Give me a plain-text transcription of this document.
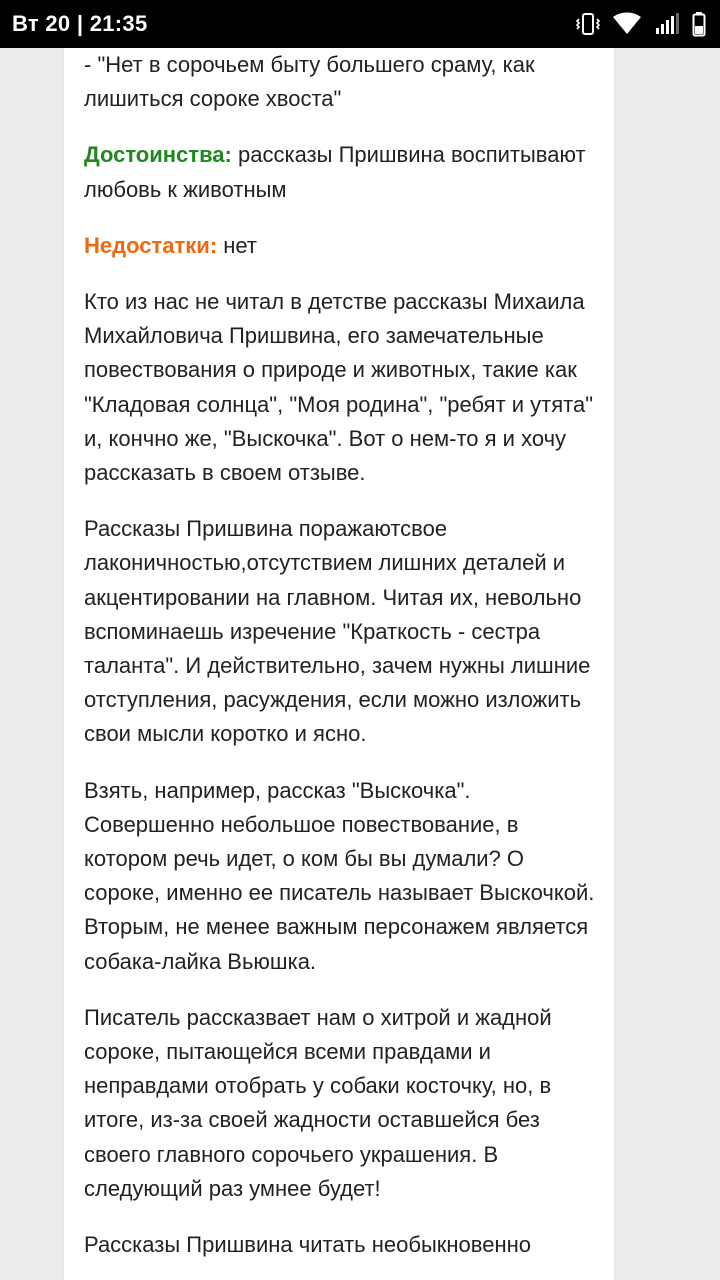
Вт 20 | 21:35

- "Нет в сорочьем быту большего сраму, как лишиться сороке хвоста"

Достоинства: рассказы Пришвина воспитывают любовь к животным

Недостатки: нет

Кто из нас не читал в детстве рассказы Михаила Михайловича Пришвина, его замечательные повествования о природе и животных, такие как "Кладовая солнца", "Моя родина", "ребят и утята" и, кончно же, "Выскочка". Вот о нем-то я и хочу рассказать в своем отзыве.

Рассказы Пришвина поражаютсвое лаконичностью,отсутствием лишних деталей и акцентировании на главном. Читая их, невольно вспоминаешь изречение "Краткость - сестра таланта". И действительно, зачем нужны лишние отступления, расуждения, если можно изложить свои мысли коротко и ясно.

Взять, например, рассказ "Выскочка". Совершенно небольшое повествование, в котором речь идет, о ком бы вы думали? О сороке, именно ее писатель называет Выскочкой. Вторым, не менее важным персонажем является собака-лайка Вьюшка.

Писатель рассказвает нам о хитрой и жадной сороке, пытающейся всеми правдами и неправдами отобрать у собаки косточку, но, в итоге, из-за своей жадности оставшейся без своего главного сорочьего украшения. В следующий раз умнее будет!

Рассказы Пришвина читать необыкновенно
